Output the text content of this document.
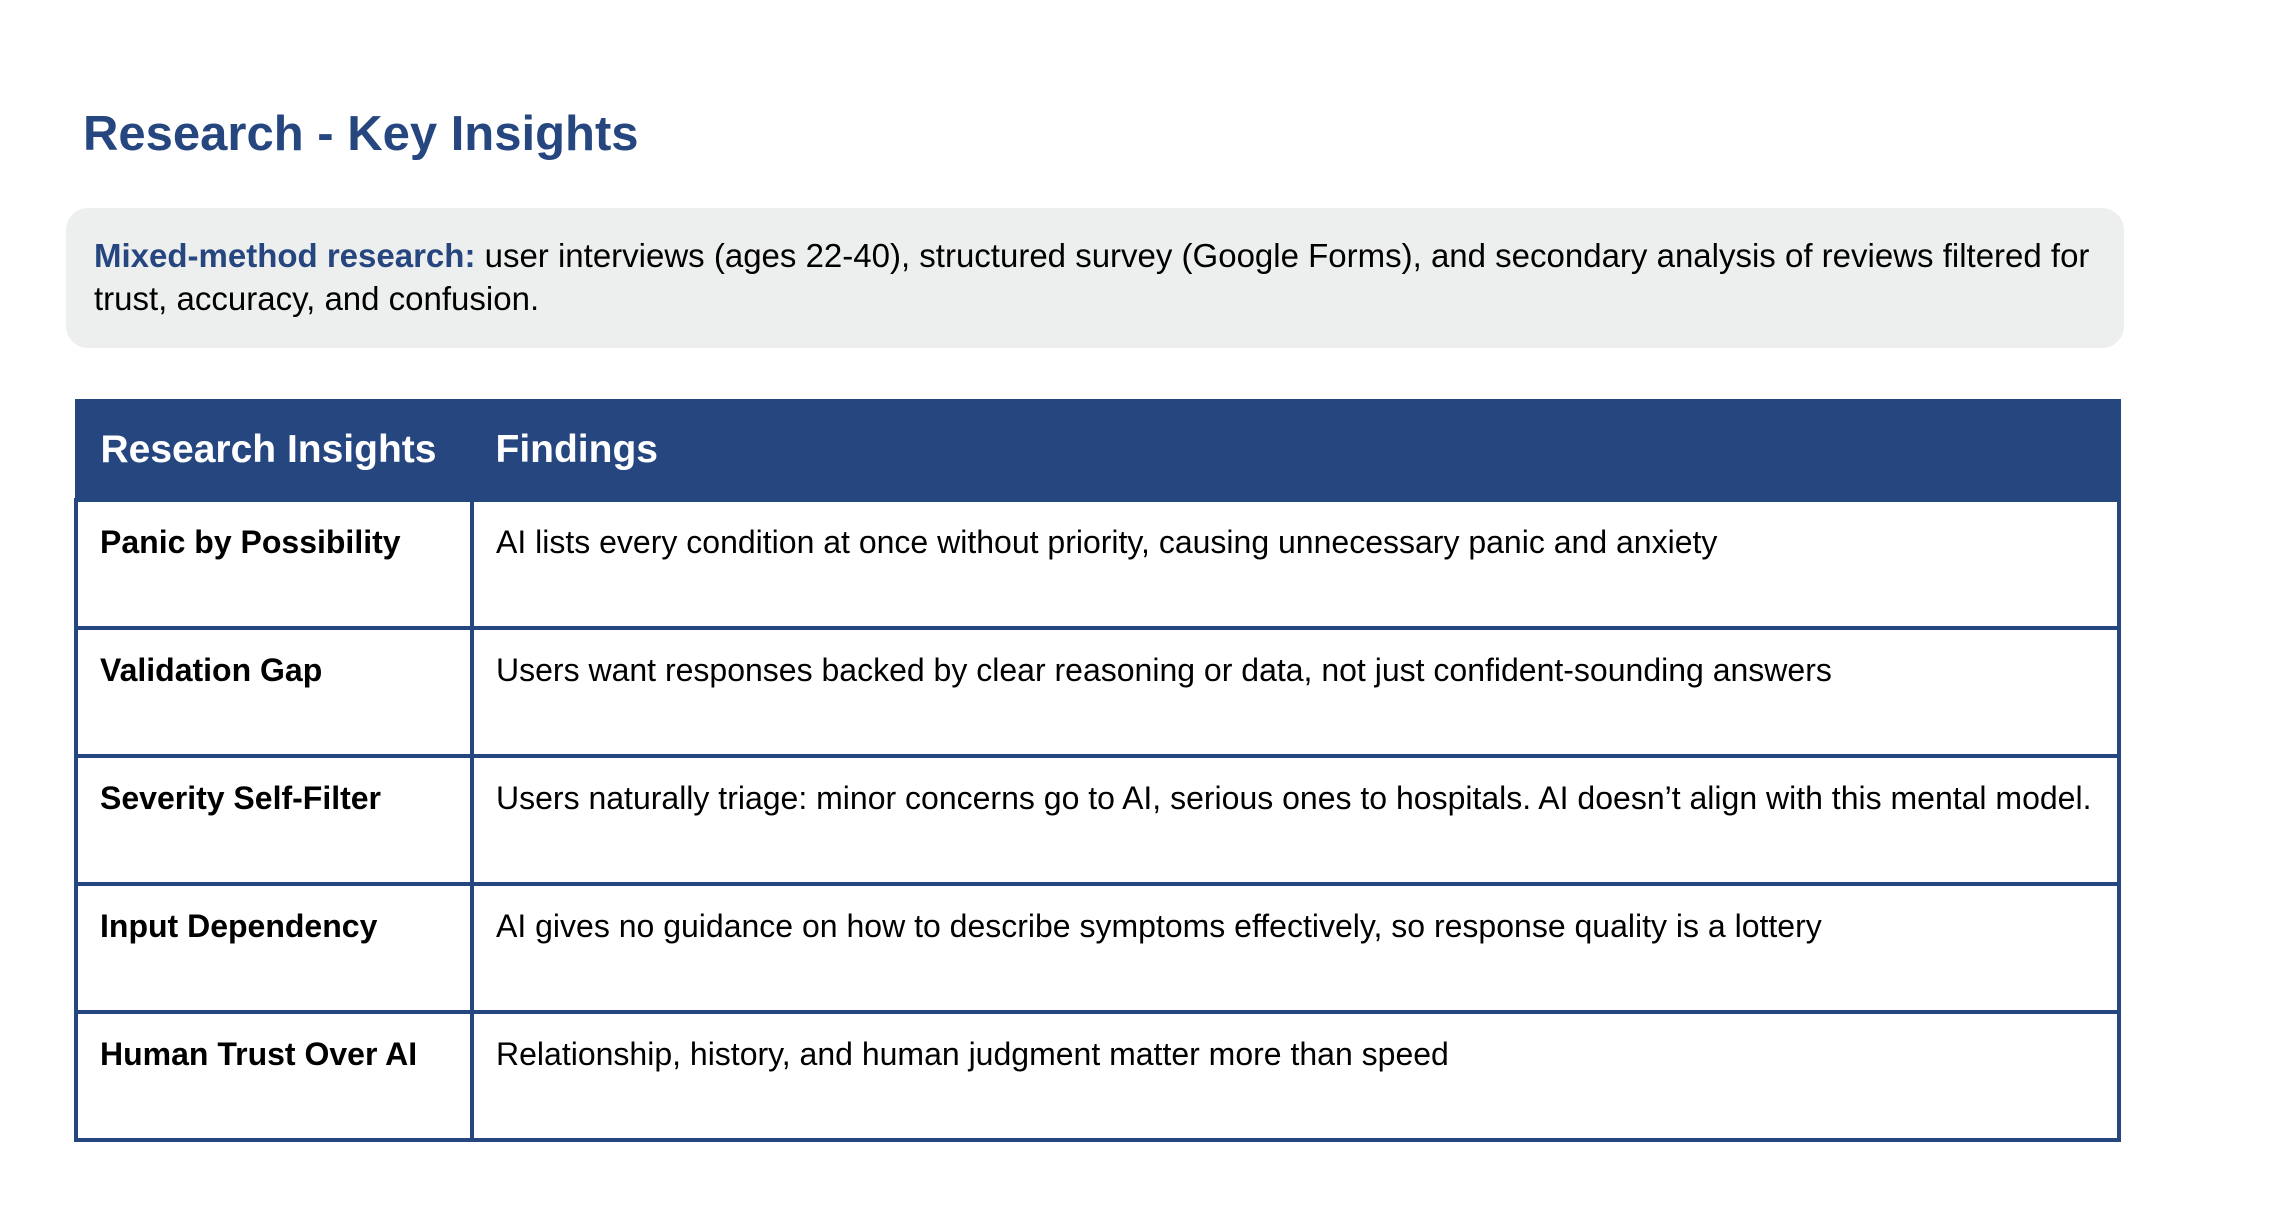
Research - Key Insights
Mixed-method research: user interviews (ages 22-40), structured survey (Google Forms), and secondary analysis of reviews filtered for trust, accuracy, and confusion.
Research Insights	Findings
Panic by Possibility	AI lists every condition at once without priority, causing unnecessary panic and anxiety
Validation Gap	Users want responses backed by clear reasoning or data, not just confident-sounding answers
Severity Self-Filter	Users naturally triage: minor concerns go to AI, serious ones to hospitals. AI doesn’t align with this mental model.
Input Dependency	AI gives no guidance on how to describe symptoms effectively, so response quality is a lottery
Human Trust Over AI	Relationship, history, and human judgment matter more than speed
